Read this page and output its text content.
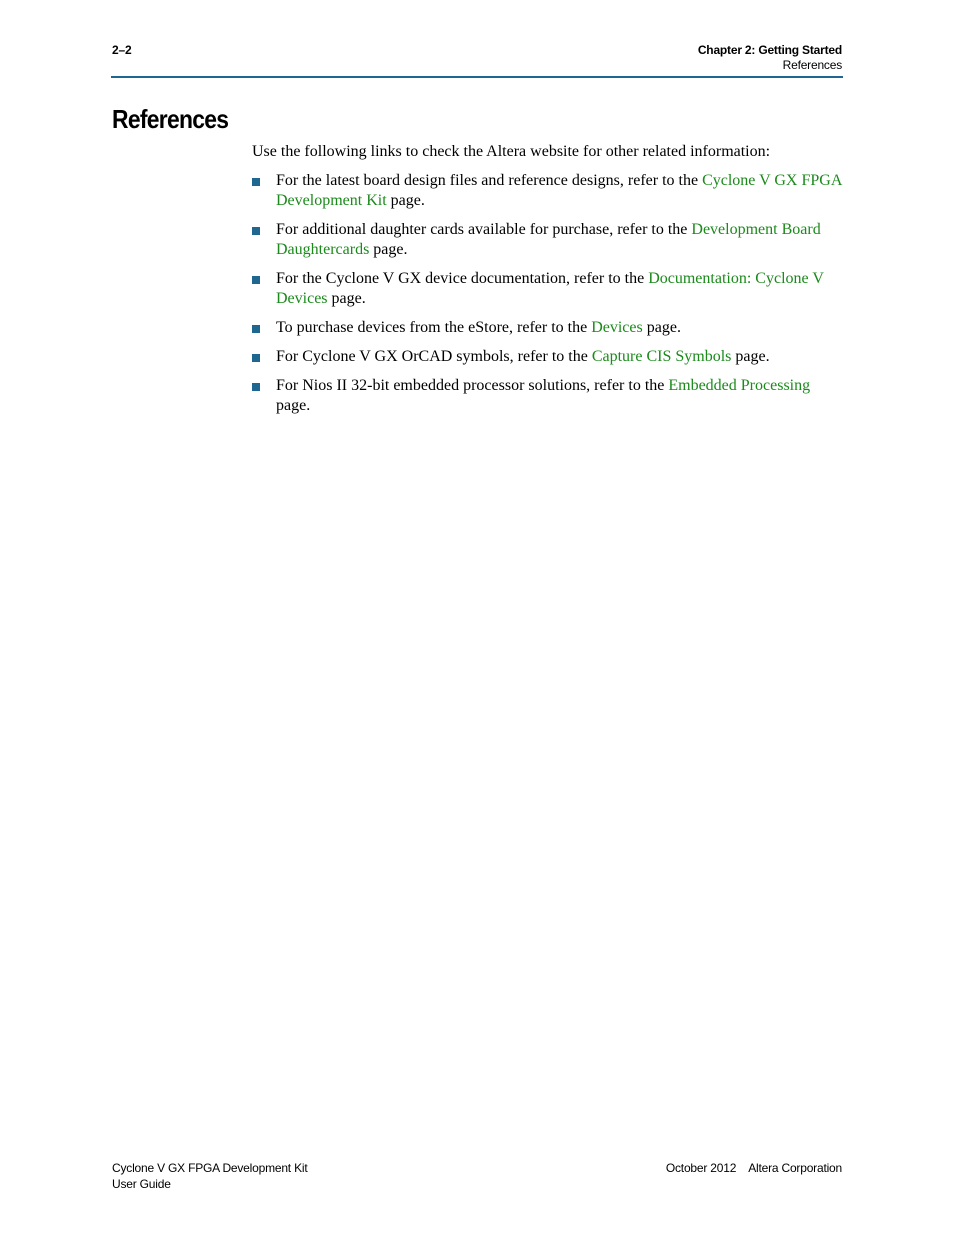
2–2	Chapter 2: Getting Started
References
References

Use the following links to check the Altera website for other related information:

For the latest board design files and reference designs, refer to the Cyclone V GX FPGA Development Kit page.
For additional daughter cards available for purchase, refer to the Development Board Daughtercards page.
For the Cyclone V GX device documentation, refer to the Documentation: Cyclone V Devices page.
To purchase devices from the eStore, refer to the Devices page.
For Cyclone V GX OrCAD symbols, refer to the Capture CIS Symbols page.
For Nios II 32-bit embedded processor solutions, refer to the Embedded Processing page.
Cyclone V GX FPGA Development Kit
User Guide
October 2012 Altera Corporation
